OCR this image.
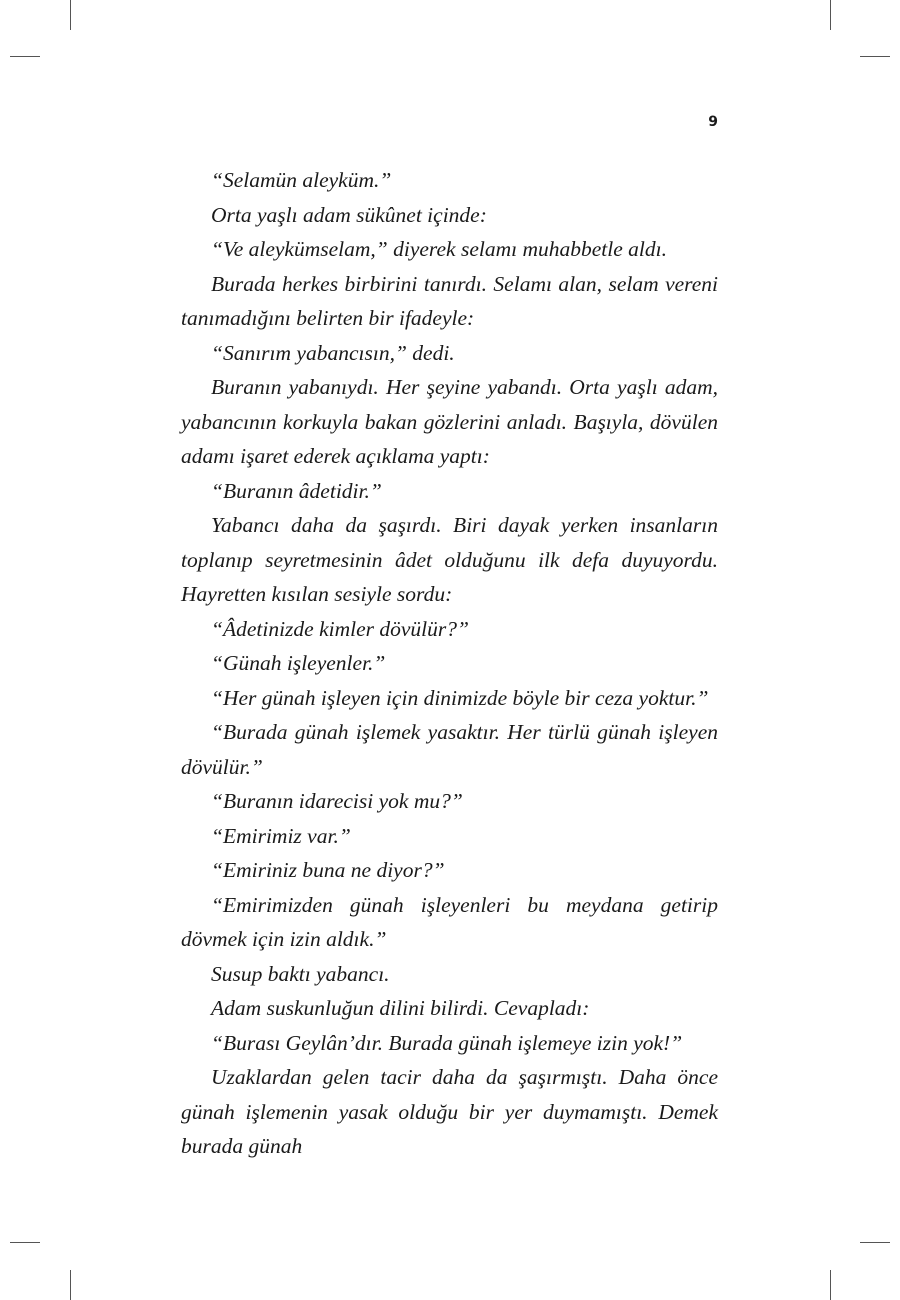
9

“Selamün aleyküm.”

Orta yaşlı adam sükûnet içinde:

“Ve aleykümselam,” diyerek selamı muhabbetle aldı.

Burada herkes birbirini tanırdı. Selamı alan, selam vereni tanımadığını belirten bir ifadeyle:

“Sanırım yabancısın,” dedi.

Buranın yabanıydı. Her şeyine yabandı. Orta yaşlı adam, yabancının korkuyla bakan gözlerini anladı. Başıyla, dövülen adamı işaret ederek açıklama yaptı:

“Buranın âdetidir.”

Yabancı daha da şaşırdı. Biri dayak yerken insanların toplanıp seyretmesinin âdet olduğunu ilk defa duyuyordu. Hayretten kısılan sesiyle sordu:

“Âdetinizde kimler dövülür?”

“Günah işleyenler.”

“Her günah işleyen için dinimizde böyle bir ceza yoktur.”

“Burada günah işlemek yasaktır. Her türlü günah işleyen dövülür.”

“Buranın idarecisi yok mu?”

“Emirimiz var.”

“Emiriniz buna ne diyor?”

“Emirimizden günah işleyenleri bu meydana getirip dövmek için izin aldık.”

Susup baktı yabancı.

Adam suskunluğun dilini bilirdi. Cevapladı:

“Burası Geylân’dır. Burada günah işlemeye izin yok!”

Uzaklardan gelen tacir daha da şaşırmıştı. Daha önce günah işlemenin yasak olduğu bir yer duymamıştı. Demek burada günah
